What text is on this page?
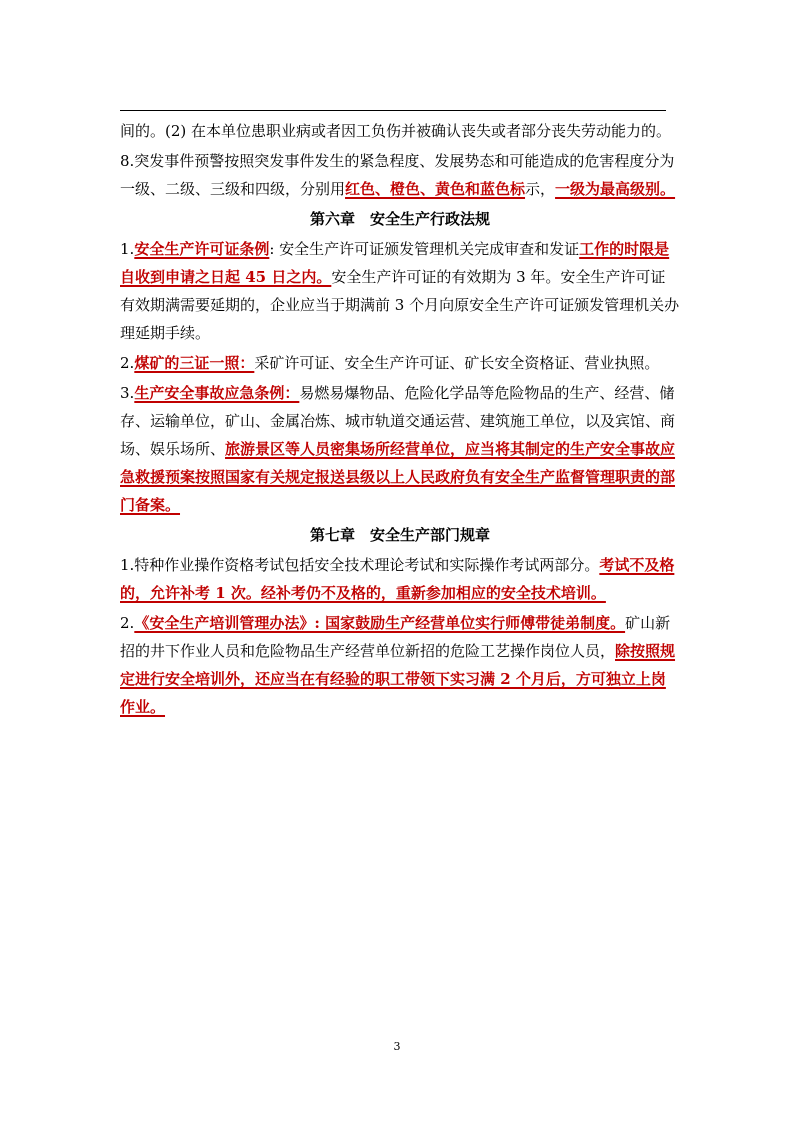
间的。(2) 在本单位患职业病或者因工负伤并被确认丧失或者部分丧失劳动能力的。

8.突发事件预警按照突发事件发生的紧急程度、发展势态和可能造成的危害程度分为一级、二级、三级和四级，分别用红色、橙色、黄色和蓝色标示，一级为最高级别。

第六章　安全生产行政法规

1.安全生产许可证条例: 安全生产许可证颁发管理机关完成审查和发证工作的时限是自收到申请之日起 45 日之内。安全生产许可证的有效期为 3 年。安全生产许可证有效期满需要延期的，企业应当于期满前 3 个月向原安全生产许可证颁发管理机关办理延期手续。

2.煤矿的三证一照：采矿许可证、安全生产许可证、矿长安全资格证、营业执照。

3.生产安全事故应急条例：易燃易爆物品、危险化学品等危险物品的生产、经营、储存、运输单位，矿山、金属冶炼、城市轨道交通运营、建筑施工单位，以及宾馆、商场、娱乐场所、旅游景区等人员密集场所经营单位，应当将其制定的生产安全事故应急救援预案按照国家有关规定报送县级以上人民政府负有安全生产监督管理职责的部门备案。

第七章　安全生产部门规章

1.特种作业操作资格考试包括安全技术理论考试和实际操作考试两部分。考试不及格的，允许补考 1 次。经补考仍不及格的，重新参加相应的安全技术培训。

2.《安全生产培训管理办法》: 国家鼓励生产经营单位实行师傅带徒弟制度。矿山新招的井下作业人员和危险物品生产经营单位新招的危险工艺操作岗位人员，除按照规定进行安全培训外，还应当在有经验的职工带领下实习满 2 个月后，方可独立上岗作业。

3
